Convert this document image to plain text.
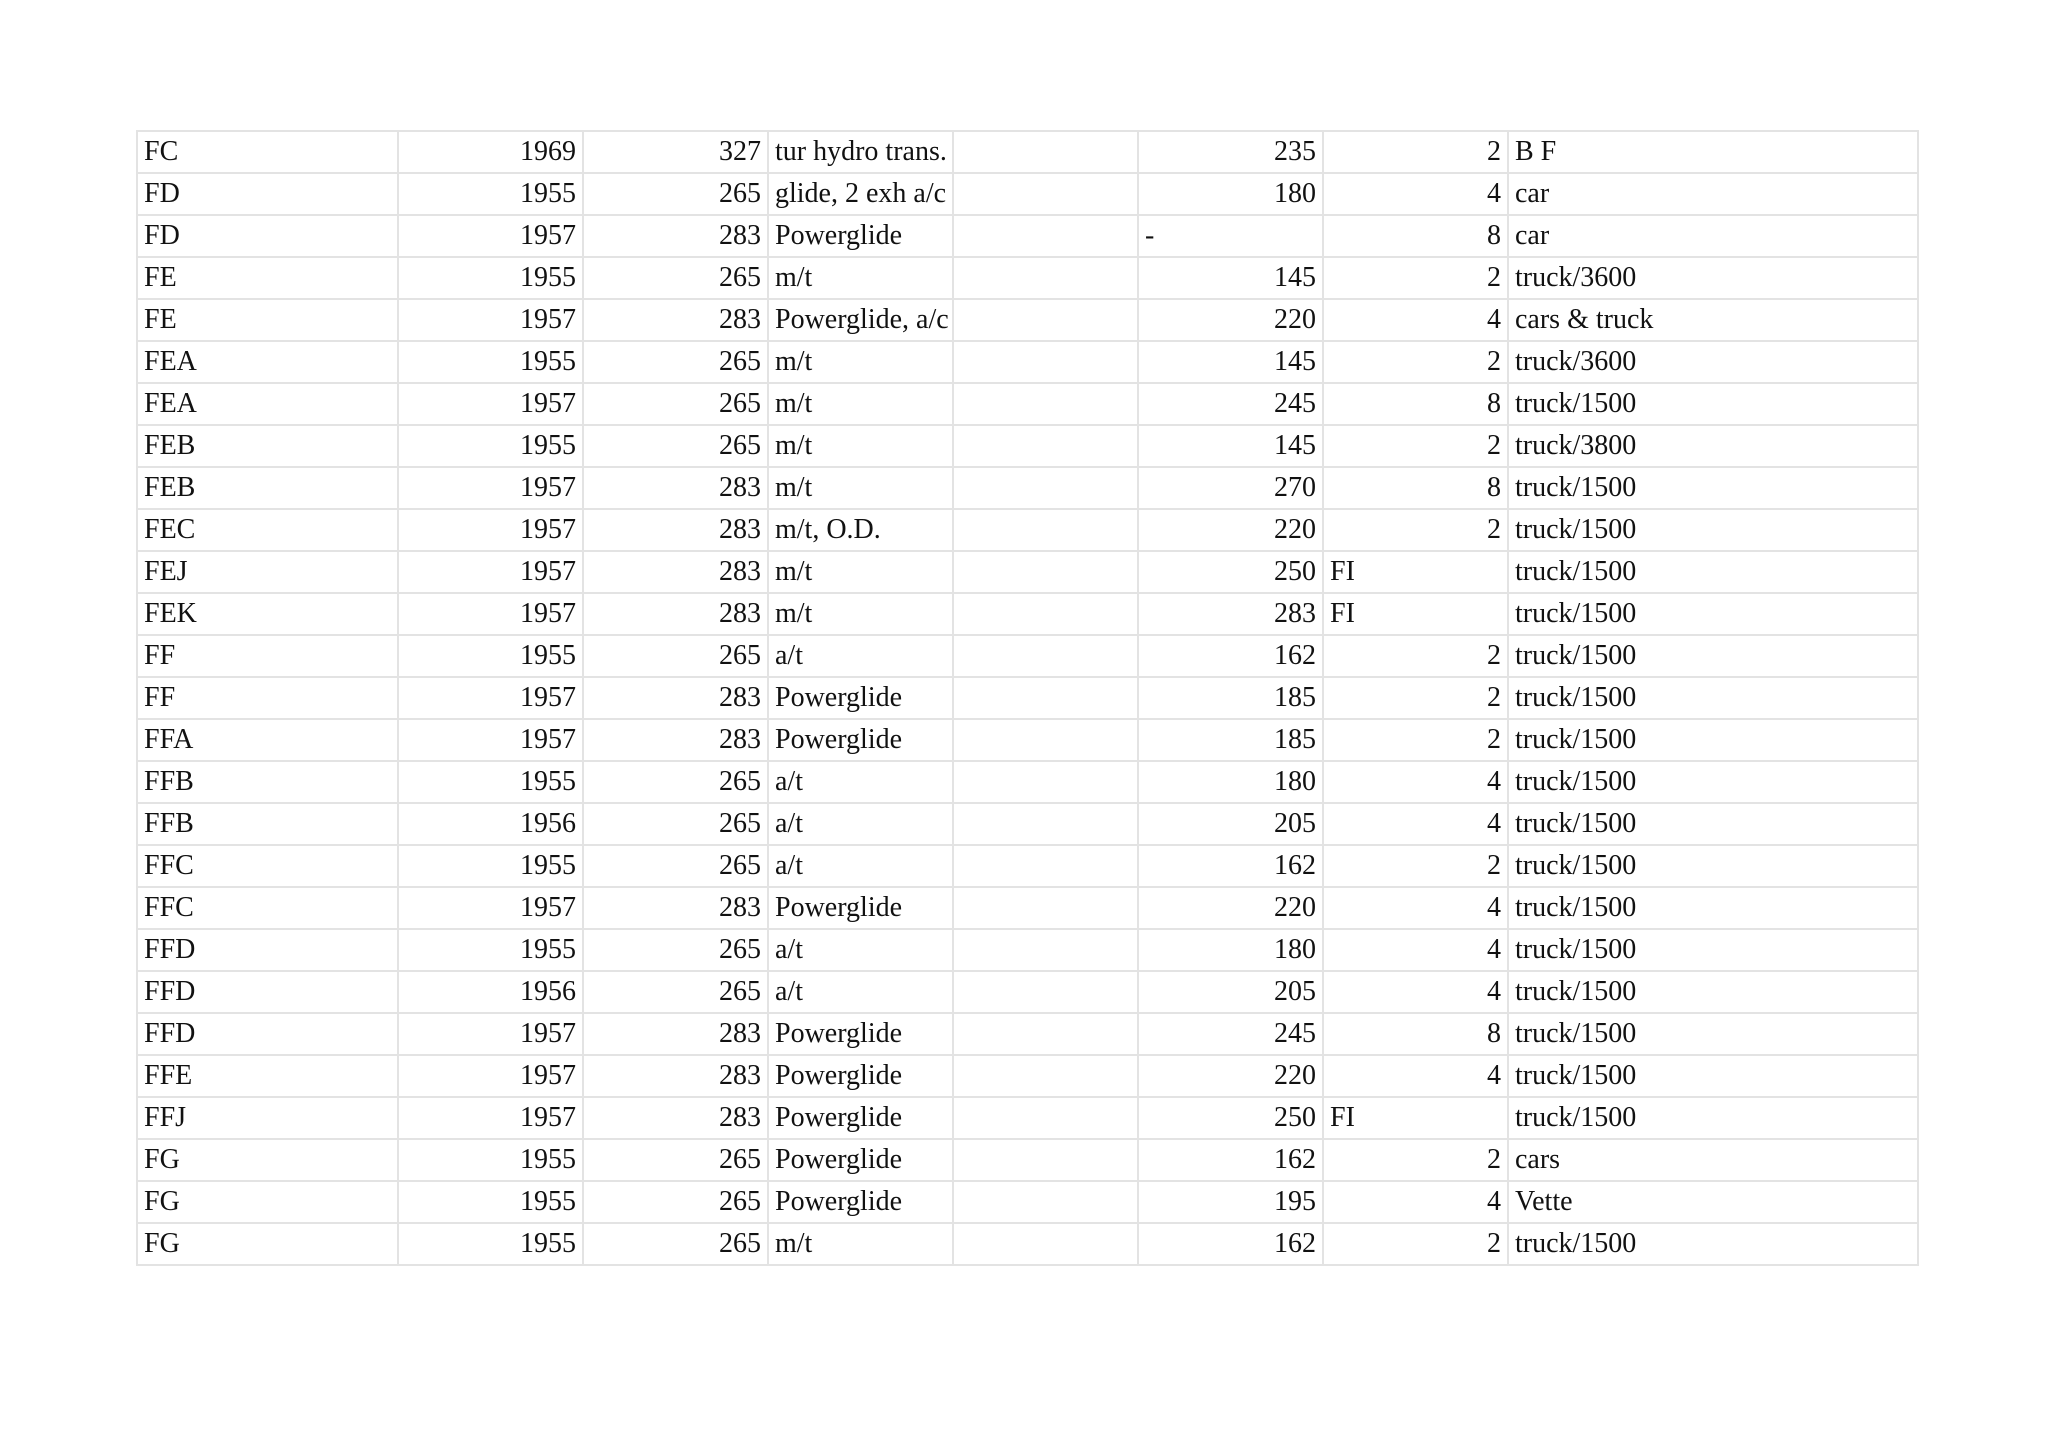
FC	1969	327	tur hydro trans.		235	2	B F
FD	1955	265	glide, 2 exh a/c		180	4	car
FD	1957	283	Powerglide		-	8	car
FE	1955	265	m/t		145	2	truck/3600
FE	1957	283	Powerglide, a/c		220	4	cars & truck
FEA	1955	265	m/t		145	2	truck/3600
FEA	1957	265	m/t		245	8	truck/1500
FEB	1955	265	m/t		145	2	truck/3800
FEB	1957	283	m/t		270	8	truck/1500
FEC	1957	283	m/t, O.D.		220	2	truck/1500
FEJ	1957	283	m/t		250	FI	truck/1500
FEK	1957	283	m/t		283	FI	truck/1500
FF	1955	265	a/t		162	2	truck/1500
FF	1957	283	Powerglide		185	2	truck/1500
FFA	1957	283	Powerglide		185	2	truck/1500
FFB	1955	265	a/t		180	4	truck/1500
FFB	1956	265	a/t		205	4	truck/1500
FFC	1955	265	a/t		162	2	truck/1500
FFC	1957	283	Powerglide		220	4	truck/1500
FFD	1955	265	a/t		180	4	truck/1500
FFD	1956	265	a/t		205	4	truck/1500
FFD	1957	283	Powerglide		245	8	truck/1500
FFE	1957	283	Powerglide		220	4	truck/1500
FFJ	1957	283	Powerglide		250	FI	truck/1500
FG	1955	265	Powerglide		162	2	cars
FG	1955	265	Powerglide		195	4	Vette
FG	1955	265	m/t		162	2	truck/1500
